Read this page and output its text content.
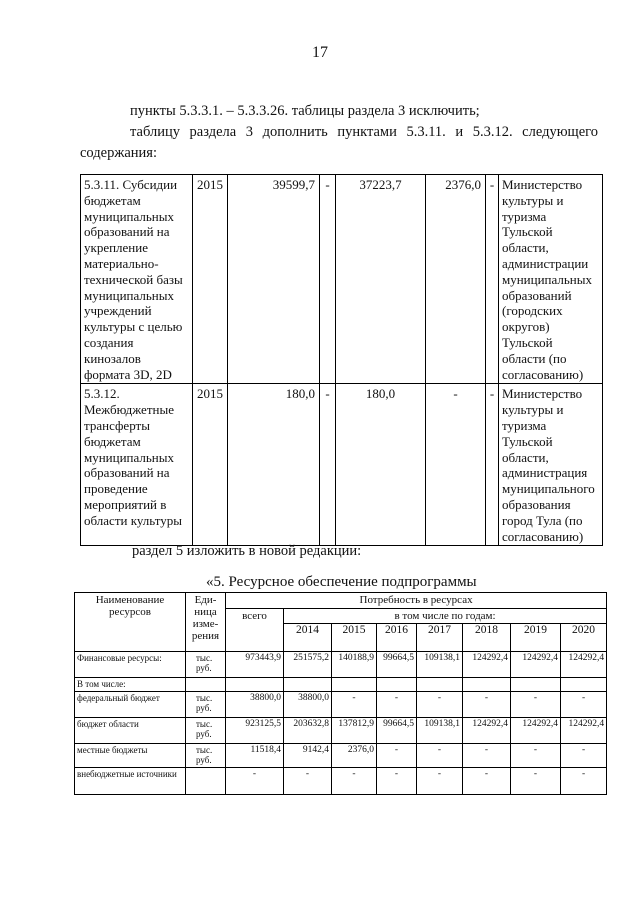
17
пункты 5.3.3.1. – 5.3.3.26. таблицы раздела 3 исключить;
таблицу раздела 3 дополнить пунктами 5.3.11. и 5.3.12. следующего
содержания:
5.3.11. Субсидии бюджетам муниципальных образований на укрепление материально-технической базы муниципальных учреждений культуры с целью создания кинозалов формата 3D, 2D	2015	39599,7	-	37223,7	2376,0	-	Министерство культуры и туризма Тульской области, администрации муниципальных образований (городских округов) Тульской области (по согласованию)
5.3.12. Межбюджетные трансферты бюджетам муниципальных образований на проведение мероприятий в области культуры	2015	180,0	-	180,0	-	-	Министерство культуры и туризма Тульской области, администрация муниципального образования город Тула (по согласованию)
раздел 5 изложить в новой редакции:
«5. Ресурсное обеспечение подпрограммы
Наименование ресурсов	Еди-ница изме-рения	Потребность в ресурсах							
		всего	в том числе по годам:						
			2014	2015	2016	2017	2018	2019	2020
Финансовые ресурсы:	тыс. руб.	973443,9	251575,2	140188,9	99664,5	109138,1	124292,4	124292,4	124292,4
В том числе:									
федеральный бюджет	тыс. руб.	38800,0	38800,0	-	-	-	-	-	-
бюджет области	тыс. руб.	923125,5	203632,8	137812,9	99664,5	109138,1	124292,4	124292,4	124292,4
местные бюджеты	тыс. руб.	11518,4	9142,4	2376,0	-	-	-	-	-
внебюджетные источники		-	-	-	-	-	-	-	-
